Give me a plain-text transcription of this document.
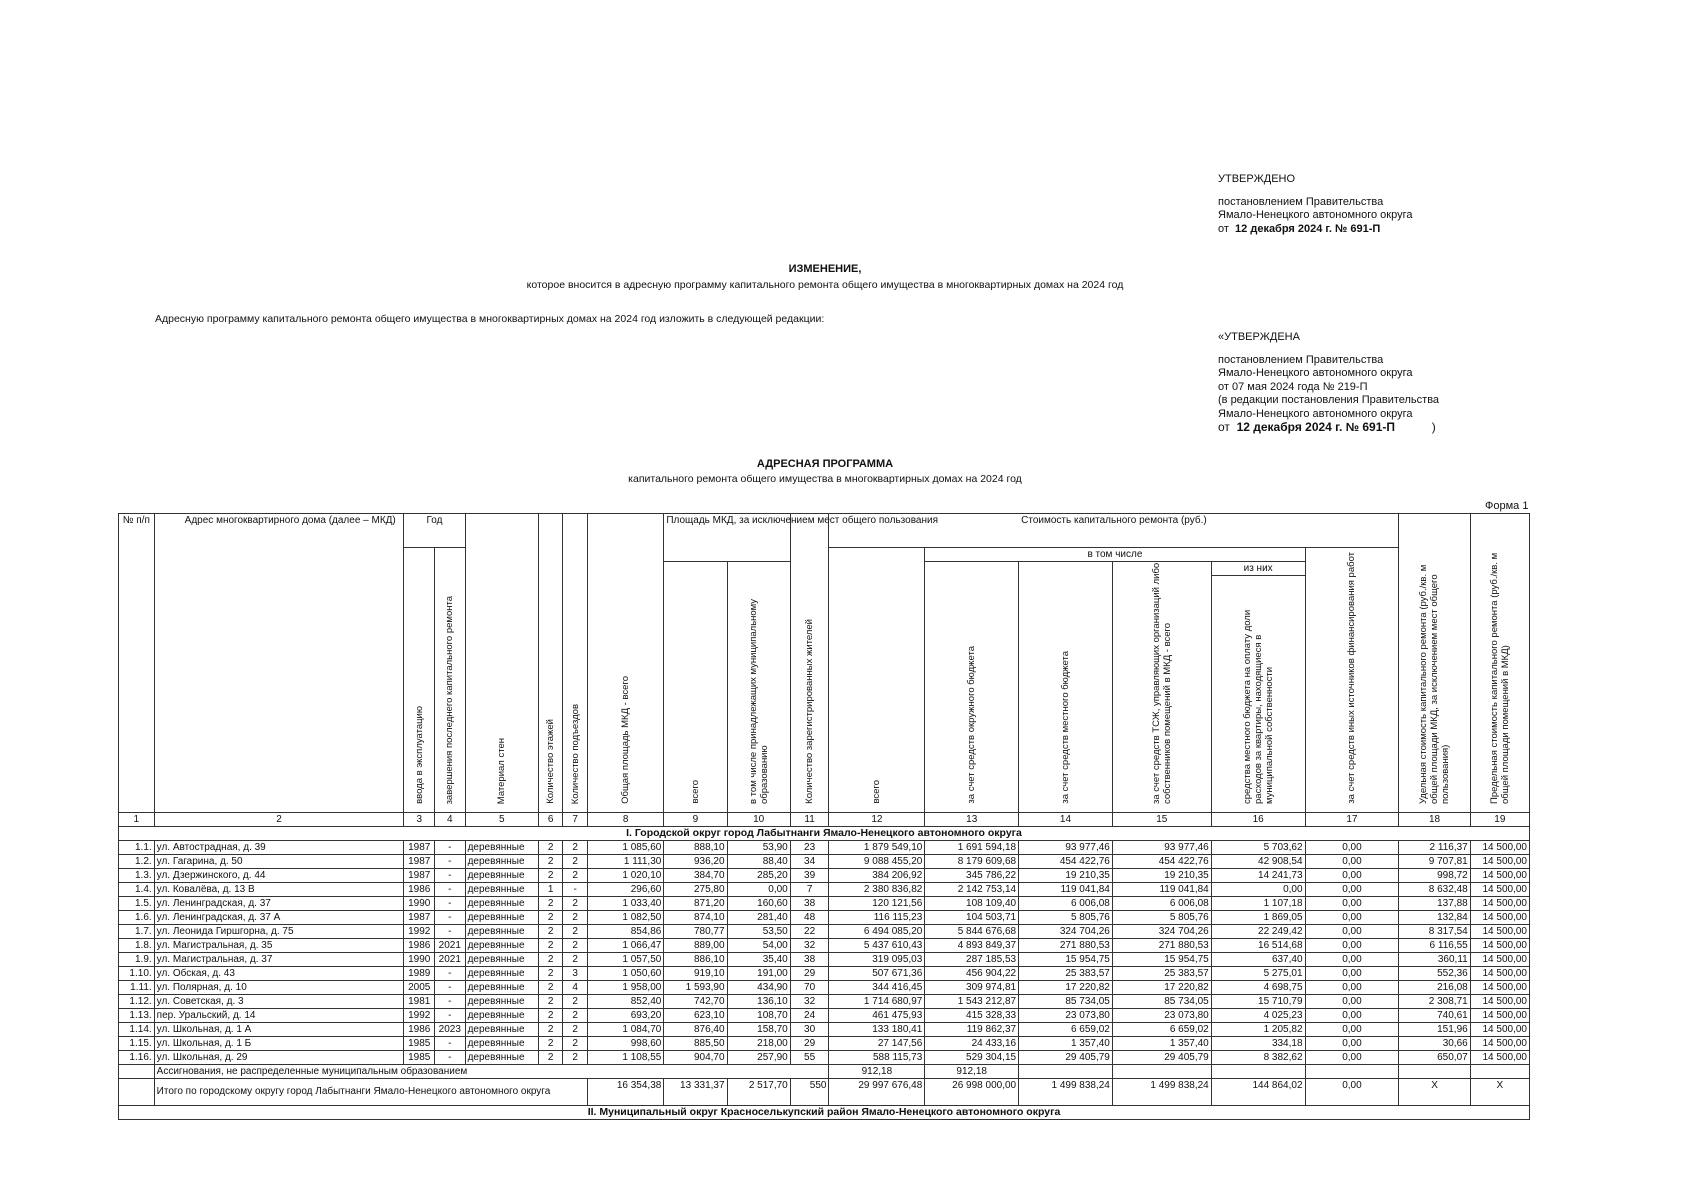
УТВЕРЖДЕНО
постановлением Правительства
Ямало-Ненецкого автономного округа
от 12 декабря 2024 г. № 691-П
ИЗМЕНЕНИЕ,
которое вносится в адресную программу капитального ремонта общего имущества в многоквартирных домах на 2024 год
Адресную программу капитального ремонта общего имущества в многоквартирных домах на 2024 год изложить в следующей редакции:
«УТВЕРЖДЕНА
постановлением Правительства
Ямало-Ненецкого автономного округа
от 07 мая 2024 года № 219-П
(в редакции постановления Правительства
Ямало-Ненецкого автономного округа
от 12 декабря 2024 г. № 691-П	)
АДРЕСНАЯ ПРОГРАММА
капитального ремонта общего имущества в многоквартирных домах на 2024 год
Форма 1
№ п/п	Адрес многоквартирного дома (далее – МКД)	Год		Материал стен	Количество этажей	Количество подъездов	Общая площадь МКД - всего	Площадь МКД, за исключением мест общего пользования		Количество зарегистрированных жителей	Стоимость капитального ремонта (руб.)						Удельная стоимость капитального ремонта (руб./кв. м общей площади МКД, за исключением мест общего пользования)	Предельная стоимость капитального ремонта (руб./кв. м общей площади помещений в МКД)
		ввода в эксплуатацию	завершения последнего капитального ремонта								всего	в том числе				за счет средств иных источников финансирования работ		
								всего	в том числе принадлежащих муниципальному образованию			за счет средств окружного бюджета	за счет средств местного бюджета	за счет средств ТСЖ, управляющих организаций либо собственников помещений в МКД - всего	из них			
															средства местного бюджета на оплату доли расходов за квартиры, находящиеся в муниципальной собственности			
1	2	3	4	5	6	7	8	9	10	11	12	13	14	15	16	17	18	19
I. Городской округ город Лабытнанги Ямало-Ненецкого автономного округа																		
1.1.	ул. Автострадная, д. 39	1987	-	деревянные	2	2	1 085,60	888,10	53,90	23	1 879 549,10	1 691 594,18	93 977,46	93 977,46	5 703,62	0,00	2 116,37	14 500,00
1.2.	ул. Гагарина, д. 50	1987	-	деревянные	2	2	1 111,30	936,20	88,40	34	9 088 455,20	8 179 609,68	454 422,76	454 422,76	42 908,54	0,00	9 707,81	14 500,00
1.3.	ул. Дзержинского, д. 44	1987	-	деревянные	2	2	1 020,10	384,70	285,20	39	384 206,92	345 786,22	19 210,35	19 210,35	14 241,73	0,00	998,72	14 500,00
1.4.	ул. Ковалёва, д. 13 В	1986	-	деревянные	1	-	296,60	275,80	0,00	7	2 380 836,82	2 142 753,14	119 041,84	119 041,84	0,00	0,00	8 632,48	14 500,00
1.5.	ул. Ленинградская, д. 37	1990	-	деревянные	2	2	1 033,40	871,20	160,60	38	120 121,56	108 109,40	6 006,08	6 006,08	1 107,18	0,00	137,88	14 500,00
1.6.	ул. Ленинградская, д. 37 А	1987	-	деревянные	2	2	1 082,50	874,10	281,40	48	116 115,23	104 503,71	5 805,76	5 805,76	1 869,05	0,00	132,84	14 500,00
1.7.	ул. Леонида Гиршгорна, д. 75	1992	-	деревянные	2	2	854,86	780,77	53,50	22	6 494 085,20	5 844 676,68	324 704,26	324 704,26	22 249,42	0,00	8 317,54	14 500,00
1.8.	ул. Магистральная, д. 35	1986	2021	деревянные	2	2	1 066,47	889,00	54,00	32	5 437 610,43	4 893 849,37	271 880,53	271 880,53	16 514,68	0,00	6 116,55	14 500,00
1.9.	ул. Магистральная, д. 37	1990	2021	деревянные	2	2	1 057,50	886,10	35,40	38	319 095,03	287 185,53	15 954,75	15 954,75	637,40	0,00	360,11	14 500,00
1.10.	ул. Обская, д. 43	1989	-	деревянные	2	3	1 050,60	919,10	191,00	29	507 671,36	456 904,22	25 383,57	25 383,57	5 275,01	0,00	552,36	14 500,00
1.11.	ул. Полярная, д. 10	2005	-	деревянные	2	4	1 958,00	1 593,90	434,90	70	344 416,45	309 974,81	17 220,82	17 220,82	4 698,75	0,00	216,08	14 500,00
1.12.	ул. Советская, д. 3	1981	-	деревянные	2	2	852,40	742,70	136,10	32	1 714 680,97	1 543 212,87	85 734,05	85 734,05	15 710,79	0,00	2 308,71	14 500,00
1.13.	пер. Уральский, д. 14	1992	-	деревянные	2	2	693,20	623,10	108,70	24	461 475,93	415 328,33	23 073,80	23 073,80	4 025,23	0,00	740,61	14 500,00
1.14.	ул. Школьная, д. 1 А	1986	2023	деревянные	2	2	1 084,70	876,40	158,70	30	133 180,41	119 862,37	6 659,02	6 659,02	1 205,82	0,00	151,96	14 500,00
1.15.	ул. Школьная, д. 1 Б	1985	-	деревянные	2	2	998,60	885,50	218,00	29	27 147,56	24 433,16	1 357,40	1 357,40	334,18	0,00	30,66	14 500,00
1.16.	ул. Школьная, д. 29	1985	-	деревянные	2	2	1 108,55	904,70	257,90	55	588 115,73	529 304,15	29 405,79	29 405,79	8 382,62	0,00	650,07	14 500,00
	Ассигнования, не распределенные муниципальным образованием										912,18	912,18						
	Итого по городскому округу город Лабытнанги Ямало-Ненецкого автономного округа						16 354,38	13 331,37	2 517,70	550	29 997 676,48	26 998 000,00	1 499 838,24	1 499 838,24	144 864,02	0,00	Х	Х
II. Муниципальный округ Красноселькупский район Ямало-Ненецкого автономного округа																		
